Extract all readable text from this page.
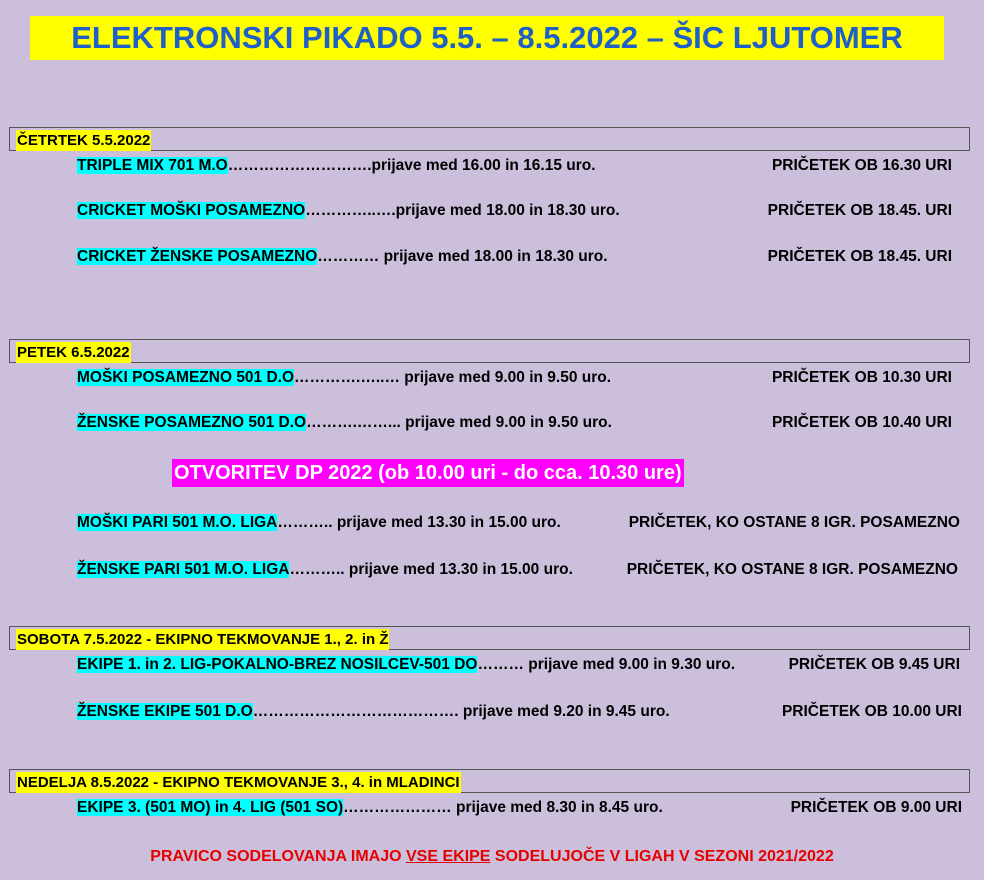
ELEKTRONSKI PIKADO 5.5. – 8.5.2022 – ŠIC LJUTOMER
ČETRTEK 5.5.2022
TRIPLE MIX 701 M.O……………………….prijave med 16.00 in 16.15 uro.	PRIČETEK OB 16.30 URI
CRICKET MOŠKI POSAMEZNO…………..….prijave med 18.00 in 18.30 uro.	PRIČETEK OB 18.45. URI
CRICKET ŽENSKE POSAMEZNO………… prijave med 18.00 in 18.30 uro.	PRIČETEK OB 18.45. URI
PETEK 6.5.2022
MOŠKI POSAMEZNO 501 D.O………….…..… prijave med 9.00 in 9.50 uro.	PRIČETEK OB 10.30 URI
ŽENSKE POSAMEZNO 501 D.O……….……... prijave med 9.00 in 9.50 uro.	PRIČETEK OB 10.40 URI
OTVORITEV DP 2022 (ob 10.00 uri - do cca. 10.30 ure)
MOŠKI PARI 501 M.O. LIGA……….. prijave med 13.30 in 15.00 uro.	PRIČETEK, KO OSTANE 8 IGR. POSAMEZNO
ŽENSKE PARI 501 M.O. LIGA……….. prijave med 13.30 in 15.00 uro.	PRIČETEK, KO OSTANE 8 IGR. POSAMEZNO
SOBOTA 7.5.2022 - EKIPNO TEKMOVANJE 1., 2. in Ž
EKIPE 1. in 2. LIG-POKALNO-BREZ NOSILCEV-501 DO……… prijave med 9.00 in 9.30 uro.	PRIČETEK OB 9.45 URI
ŽENSKE EKIPE 501 D.O…………………………………. prijave med 9.20 in 9.45 uro.	PRIČETEK OB 10.00 URI
NEDELJA 8.5.2022 - EKIPNO TEKMOVANJE 3., 4. in MLADINCI
EKIPE 3. (501 MO) in 4. LIG (501 SO)………………… prijave med 8.30 in 8.45 uro.	PRIČETEK OB 9.00 URI
PRAVICO SODELOVANJA IMAJO VSE EKIPE SODELUJOČE V LIGAH V SEZONI 2021/2022
